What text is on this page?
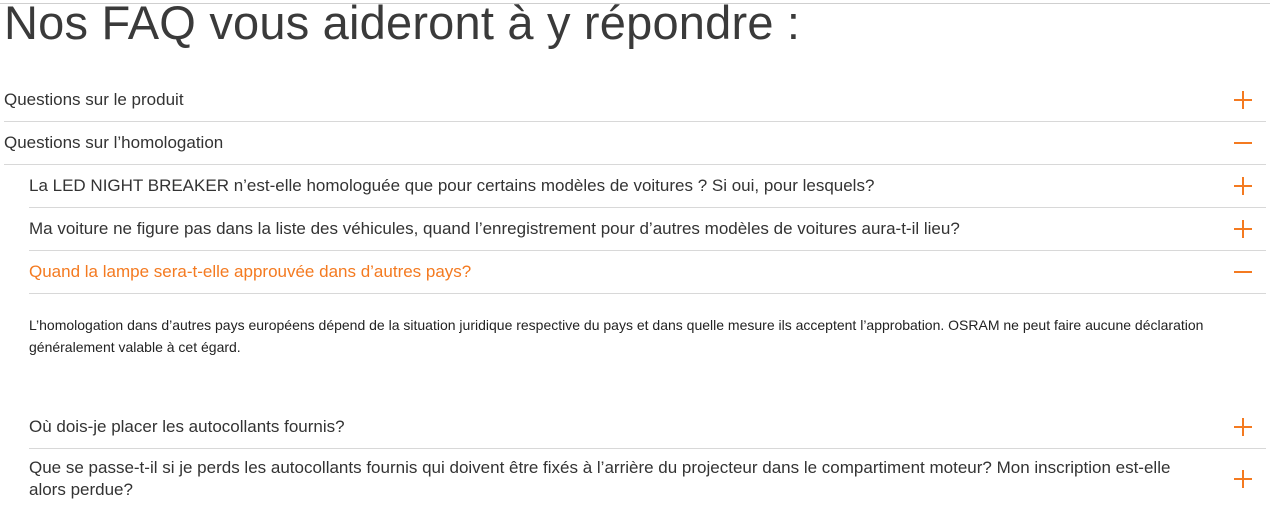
Nos FAQ vous aideront à y répondre :
Questions sur le produit
Questions sur l’homologation
La LED NIGHT BREAKER n’est-elle homologuée que pour certains modèles de voitures ? Si oui, pour lesquels?
Ma voiture ne figure pas dans la liste des véhicules, quand l’enregistrement pour d’autres modèles de voitures aura-t-il lieu?
Quand la lampe sera-t-elle approuvée dans d’autres pays?
L’homologation dans d’autres pays européens dépend de la situation juridique respective du pays et dans quelle mesure ils acceptent l’approbation. OSRAM ne peut faire aucune déclaration généralement valable à cet égard.
Où dois-je placer les autocollants fournis?
Que se passe-t-il si je perds les autocollants fournis qui doivent être fixés à l’arrière du projecteur dans le compartiment moteur? Mon inscription est-elle alors perdue?
